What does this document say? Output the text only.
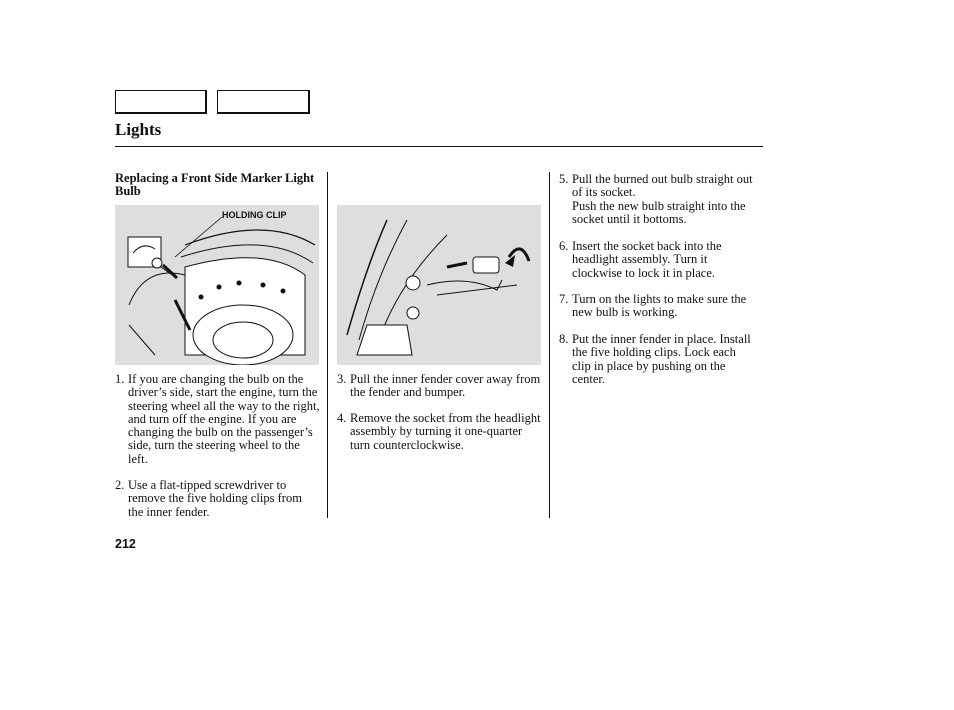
Lights
Replacing a Front Side Marker Light Bulb
HOLDING CLIP
1. If you are changing the bulb on the driver’s side, start the engine, turn the steering wheel all the way to the right, and turn off the engine. If you are changing the bulb on the passenger’s side, turn the steering wheel to the left.
2. Use a flat-tipped screwdriver to remove the five holding clips from the inner fender.
3. Pull the inner fender cover away from the fender and bumper.
4. Remove the socket from the headlight assembly by turning it one-quarter turn counterclockwise.
5. Pull the burned out bulb straight out of its socket.
Push the new bulb straight into the socket until it bottoms.
6. Insert the socket back into the headlight assembly. Turn it clockwise to lock it in place.
7. Turn on the lights to make sure the new bulb is working.
8. Put the inner fender in place. Install the five holding clips. Lock each clip in place by pushing on the center.
212
